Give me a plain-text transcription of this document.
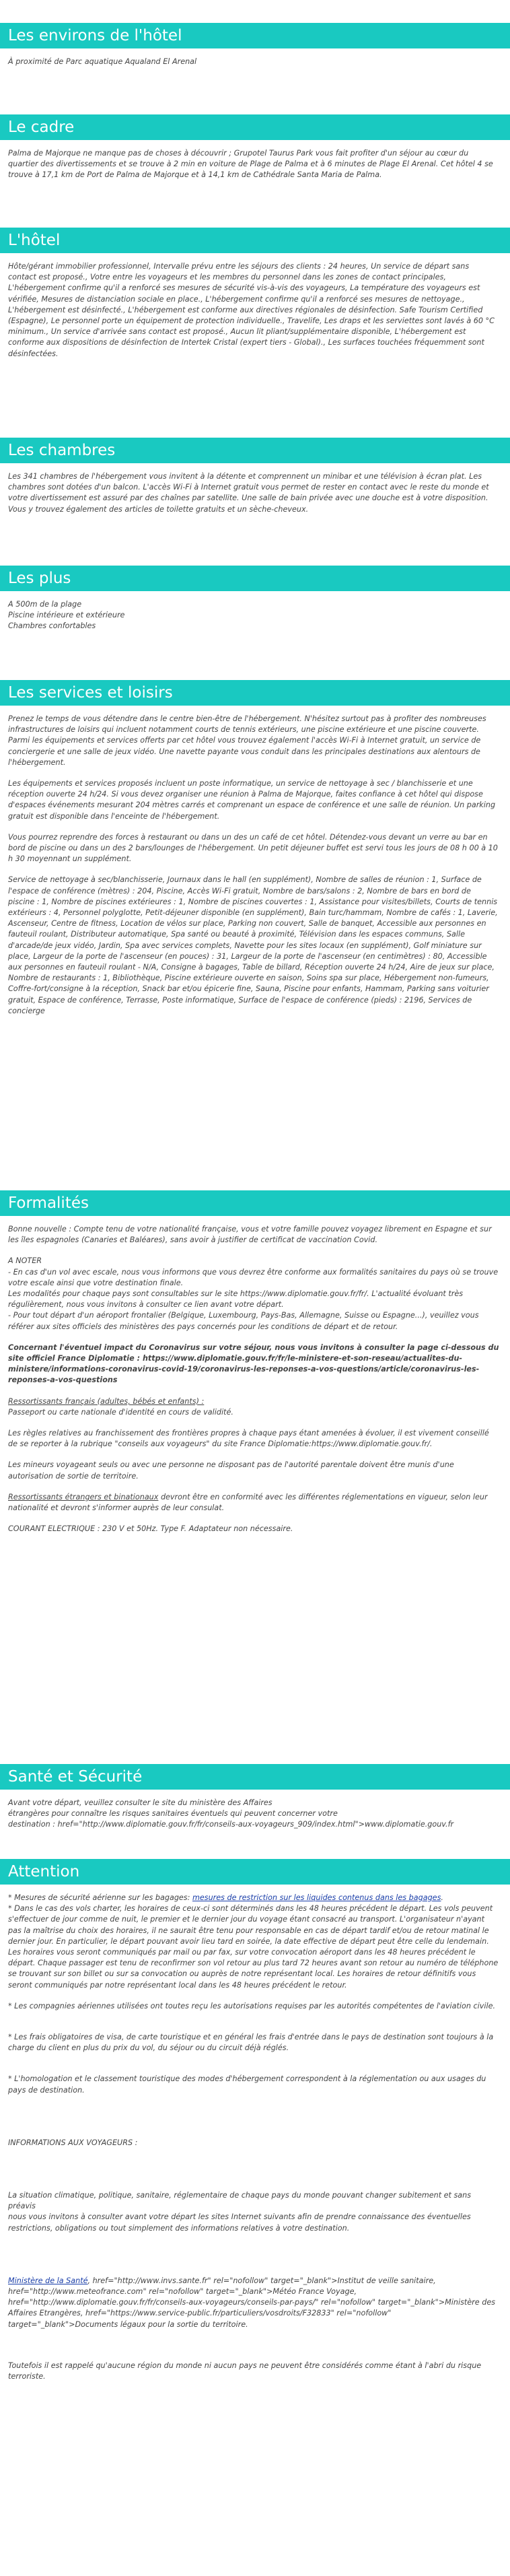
Les environs de l'hôtel

À proximité de Parc aquatique Aqualand El Arenal

Le cadre

Palma de Majorque ne manque pas de choses à découvrir ; Grupotel Taurus Park vous fait profiter d'un séjour au cœur du quartier des divertissements et se trouve à 2 min en voiture de Plage de Palma et à 6 minutes de Plage El Arenal. Cet hôtel 4 se trouve à 17,1 km de Port de Palma de Majorque et à 14,1 km de Cathédrale Santa Maria de Palma.

L'hôtel

Hôte/gérant immobilier professionnel, Intervalle prévu entre les séjours des clients : 24 heures, Un service de départ sans contact est proposé., Votre entre les voyageurs et les membres du personnel dans les zones de contact principales, L'hébergement confirme qu'il a renforcé ses mesures de sécurité vis-à-vis des voyageurs, La température des voyageurs est vérifiée, Mesures de distanciation sociale en place., L'hébergement confirme qu'il a renforcé ses mesures de nettoyage., L'hébergement est désinfecté., L'hébergement est conforme aux directives régionales de désinfection. Safe Tourism Certified (Espagne), Le personnel porte un équipement de protection individuelle., Travelife, Les draps et les serviettes sont lavés à 60 °C minimum., Un service d'arrivée sans contact est proposé., Aucun lit pliant/supplémentaire disponible, L'hébergement est conforme aux dispositions de désinfection de Intertek Cristal (expert tiers - Global)., Les surfaces touchées fréquemment sont désinfectées.

Les chambres

Les 341 chambres de l'hébergement vous invitent à la détente et comprennent un minibar et une télévision à écran plat. Les chambres sont dotées d'un balcon. L'accès Wi-Fi à Internet gratuit vous permet de rester en contact avec le reste du monde et votre divertissement est assuré par des chaînes par satellite. Une salle de bain privée avec une douche est à votre disposition. Vous y trouvez également des articles de toilette gratuits et un sèche-cheveux.

Les plus
A 500m de la plage
Piscine intérieure et extérieure
Chambres confortables
Les services et loisirs

Prenez le temps de vous détendre dans le centre bien-être de l'hébergement. N'hésitez surtout pas à profiter des nombreuses infrastructures de loisirs qui incluent notamment courts de tennis extérieurs, une piscine extérieure et une piscine couverte. Parmi les équipements et services offerts par cet hôtel vous trouvez également l'accès Wi-Fi à Internet gratuit, un service de conciergerie et une salle de jeux vidéo. Une navette payante vous conduit dans les principales destinations aux alentours de l'hébergement.

Les équipements et services proposés incluent un poste informatique, un service de nettoyage à sec / blanchisserie et une réception ouverte 24 h/24. Si vous devez organiser une réunion à Palma de Majorque, faites confiance à cet hôtel qui dispose d'espaces événements mesurant 204 mètres carrés et comprenant un espace de conférence et une salle de réunion. Un parking gratuit est disponible dans l'enceinte de l'hébergement.

Vous pourrez reprendre des forces à restaurant ou dans un des un café de cet hôtel. Détendez-vous devant un verre au bar en bord de piscine ou dans un des 2 bars/lounges de l'hébergement. Un petit déjeuner buffet est servi tous les jours de 08 h 00 à 10 h 30 moyennant un supplément.

Service de nettoyage à sec/blanchisserie, Journaux dans le hall (en supplément), Nombre de salles de réunion : 1, Surface de l'espace de conférence (mètres) : 204, Piscine, Accès Wi-Fi gratuit, Nombre de bars/salons : 2, Nombre de bars en bord de piscine : 1, Nombre de piscines extérieures : 1, Nombre de piscines couvertes : 1, Assistance pour visites/billets, Courts de tennis extérieurs : 4, Personnel polyglotte, Petit-déjeuner disponible (en supplément), Bain turc/hammam, Nombre de cafés : 1, Laverie, Ascenseur, Centre de fitness, Location de vélos sur place, Parking non couvert, Salle de banquet, Accessible aux personnes en fauteuil roulant, Distributeur automatique, Spa santé ou beauté à proximité, Télévision dans les espaces communs, Salle d'arcade/de jeux vidéo, Jardin, Spa avec services complets, Navette pour les sites locaux (en supplément), Golf miniature sur place, Largeur de la porte de l'ascenseur (en pouces) : 31, Largeur de la porte de l'ascenseur (en centimètres) : 80, Accessible aux personnes en fauteuil roulant - N/A, Consigne à bagages, Table de billard, Réception ouverte 24 h/24, Aire de jeux sur place, Nombre de restaurants : 1, Bibliothèque, Piscine extérieure ouverte en saison, Soins spa sur place, Hébergement non-fumeurs, Coffre-fort/consigne à la réception, Snack bar et/ou épicerie fine, Sauna, Piscine pour enfants, Hammam, Parking sans voiturier gratuit, Espace de conférence, Terrasse, Poste informatique, Surface de l'espace de conférence (pieds) : 2196, Services de concierge

Formalités

Bonne nouvelle : Compte tenu de votre nationalité française, vous et votre famille pouvez voyagez librement en Espagne et sur les îles espagnoles (Canaries et Baléares), sans avoir à justifier de certificat de vaccination Covid.

A NOTER
- En cas d'un vol avec escale, nous vous informons que vous devrez être conforme aux formalités sanitaires du pays où se trouve votre escale ainsi que votre destination finale.
Les modalités pour chaque pays sont consultables sur le site https://www.diplomatie.gouv.fr/fr/. L'actualité évoluant très régulièrement, nous vous invitons à consulter ce lien avant votre départ.
- Pour tout départ d'un aéroport frontalier (Belgique, Luxembourg, Pays-Bas, Allemagne, Suisse ou Espagne...), veuillez vous référer aux sites officiels des ministères des pays concernés pour les conditions de départ et de retour.

Concernant l'éventuel impact du Coronavirus sur votre séjour, nous vous invitons à consulter la page ci-dessous du site officiel France Diplomatie : https://www.diplomatie.gouv.fr/fr/le-ministere-et-son-reseau/actualites-du-ministere/informations-coronavirus-covid-19/coronavirus-les-reponses-a-vos-questions/article/coronavirus-les-reponses-a-vos-questions

Ressortissants français (adultes, bébés et enfants) :
Passeport ou carte nationale d'identité en cours de validité.

Les règles relatives au franchissement des frontières propres à chaque pays étant amenées à évoluer, il est vivement conseillé de se reporter à la rubrique "conseils aux voyageurs" du site France Diplomatie:https://www.diplomatie.gouv.fr/.

Les mineurs voyageant seuls ou avec une personne ne disposant pas de l'autorité parentale doivent être munis d'une autorisation de sortie de territoire.

Ressortissants étrangers et binationaux devront être en conformité avec les différentes réglementations en vigueur, selon leur nationalité et devront s'informer auprès de leur consulat.

COURANT ELECTRIQUE : 230 V et 50Hz. Type F. Adaptateur non nécessaire.

Santé et Sécurité
Avant votre départ, veuillez consulter le site du ministère des Affaires
étrangères pour connaître les risques sanitaires éventuels qui peuvent concerner votre
destination : href="http://www.diplomatie.gouv.fr/fr/conseils-aux-voyageurs_909/index.html">www.diplomatie.gouv.fr
Attention

* Mesures de sécurité aérienne sur les bagages: mesures de restriction sur les liquides contenus dans les bagages.

* Dans le cas des vols charter, les horaires de ceux-ci sont déterminés dans les 48 heures précédent le départ. Les vols peuvent s'effectuer de jour comme de nuit, le premier et le dernier jour du voyage étant consacré au transport. L'organisateur n'ayant pas la maîtrise du choix des horaires, il ne saurait être tenu pour responsable en cas de départ tardif et/ou de retour matinal le dernier jour. En particulier, le départ pouvant avoir lieu tard en soirée, la date effective de départ peut être celle du lendemain. Les horaires vous seront communiqués par mail ou par fax, sur votre convocation aéroport dans les 48 heures précédent le départ. Chaque passager est tenu de reconfirmer son vol retour au plus tard 72 heures avant son retour au numéro de téléphone se trouvant sur son billet ou sur sa convocation ou auprès de notre représentant local. Les horaires de retour définitifs vous seront communiqués par notre représentant local dans les 48 heures précédent le retour.

* Les compagnies aériennes utilisées ont toutes reçu les autorisations requises par les autorités compétentes de l'aviation civile.

* Les frais obligatoires de visa, de carte touristique et en général les frais d'entrée dans le pays de destination sont toujours à la charge du client en plus du prix du vol, du séjour ou du circuit déjà réglés.

* L'homologation et le classement touristique des modes d'hébergement correspondent à la réglementation ou aux usages du pays de destination.

INFORMATIONS AUX VOYAGEURS :

La situation climatique, politique, sanitaire, réglementaire de chaque pays du monde pouvant changer subitement et sans préavis
nous vous invitons à consulter avant votre départ les sites Internet suivants afin de prendre connaissance des éventuelles restrictions, obligations ou tout simplement des informations relatives à votre destination.

Ministère de la Santé, href="http://www.invs.sante.fr" rel="nofollow" target="_blank">Institut de veille sanitaire, href="http://www.meteofrance.com" rel="nofollow" target="_blank">Météo France Voyage, href="http://www.diplomatie.gouv.fr/fr/conseils-aux-voyageurs/conseils-par-pays/" rel="nofollow" target="_blank">Ministère des Affaires Etrangères, href="https://www.service-public.fr/particuliers/vosdroits/F32833" rel="nofollow" target="_blank">Documents légaux pour la sortie du territoire.

Toutefois il est rappelé qu'aucune région du monde ni aucun pays ne peuvent être considérés comme étant à l'abri du risque terroriste.
